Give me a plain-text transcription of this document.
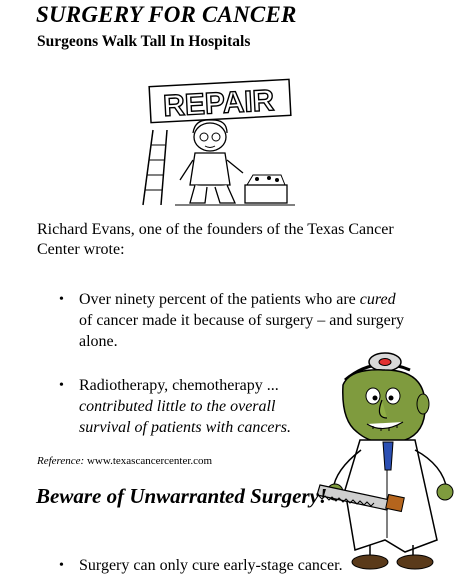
SURGERY FOR CANCER
Surgeons Walk Tall In Hospitals
REPAIR
Richard Evans, one of the founders of the Texas Cancer Center wrote:
• Over ninety percent of the patients who are cured of cancer made it because of surgery – and surgery alone.
• Radiotherapy, chemotherapy ... contributed little to the overall survival of patients with cancers.
Reference: www.texascancercenter.com
Beware of Unwarranted Surgery!
• Surgery can only cure early-stage cancer.
